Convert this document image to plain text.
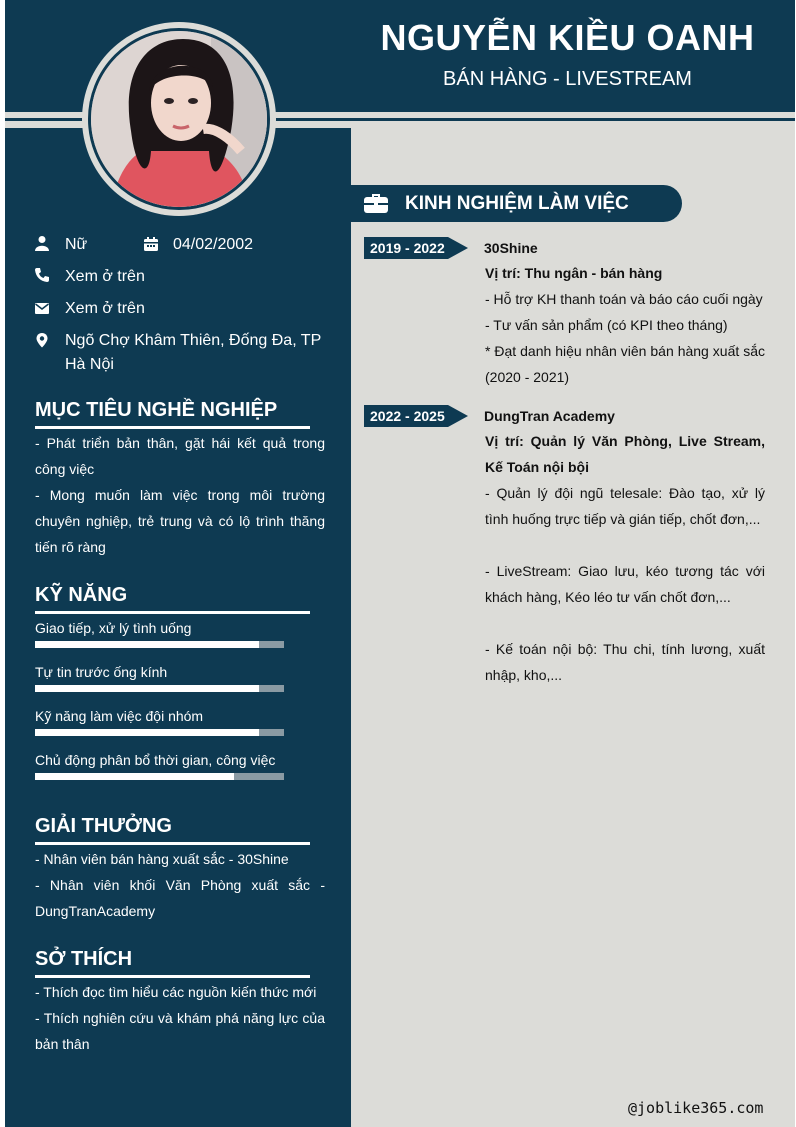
NGUYỄN KIỀU OANH
BÁN HÀNG - LIVESTREAM
Nữ	04/02/2002
Xem ở trên
Xem ở trên
Ngõ Chợ Khâm Thiên, Đống Đa, TP Hà Nội
MỤC TIÊU NGHỀ NGHIỆP
- Phát triển bản thân, gặt hái kết quả trong công việc
- Mong muốn làm việc trong môi trường chuyên nghiệp, trẻ trung và có lộ trình thăng tiến rõ ràng
KỸ NĂNG
Giao tiếp, xử lý tình uống
Tự tin trước ống kính
Kỹ năng làm việc đội nhóm
Chủ động phân bổ thời gian, công việc
GIẢI THƯỞNG
- Nhân viên bán hàng xuất sắc - 30Shine
- Nhân viên khối Văn Phòng xuất sắc - DungTranAcademy
SỞ THÍCH
- Thích đọc tìm hiểu các nguồn kiến thức mới
- Thích nghiên cứu và khám phá năng lực của bản thân
KINH NGHIỆM LÀM VIỆC
2019 - 2022	30Shine
Vị trí: Thu ngân - bán hàng
- Hỗ trợ KH thanh toán và báo cáo cuối ngày
- Tư vấn sản phẩm (có KPI theo tháng)
* Đạt danh hiệu nhân viên bán hàng xuất sắc (2020 - 2021)
2022 - 2025	DungTran Academy
Vị trí: Quản lý Văn Phòng, Live Stream, Kế Toán nội bội
- Quản lý đội ngũ telesale: Đào tạo, xử lý tình huống trực tiếp và gián tiếp, chốt đơn,...
- LiveStream: Giao lưu, kéo tương tác với khách hàng, Kéo léo tư vấn chốt đơn,...
- Kế toán nội bộ: Thu chi, tính lương, xuất nhập, kho,...
@joblike365.com
